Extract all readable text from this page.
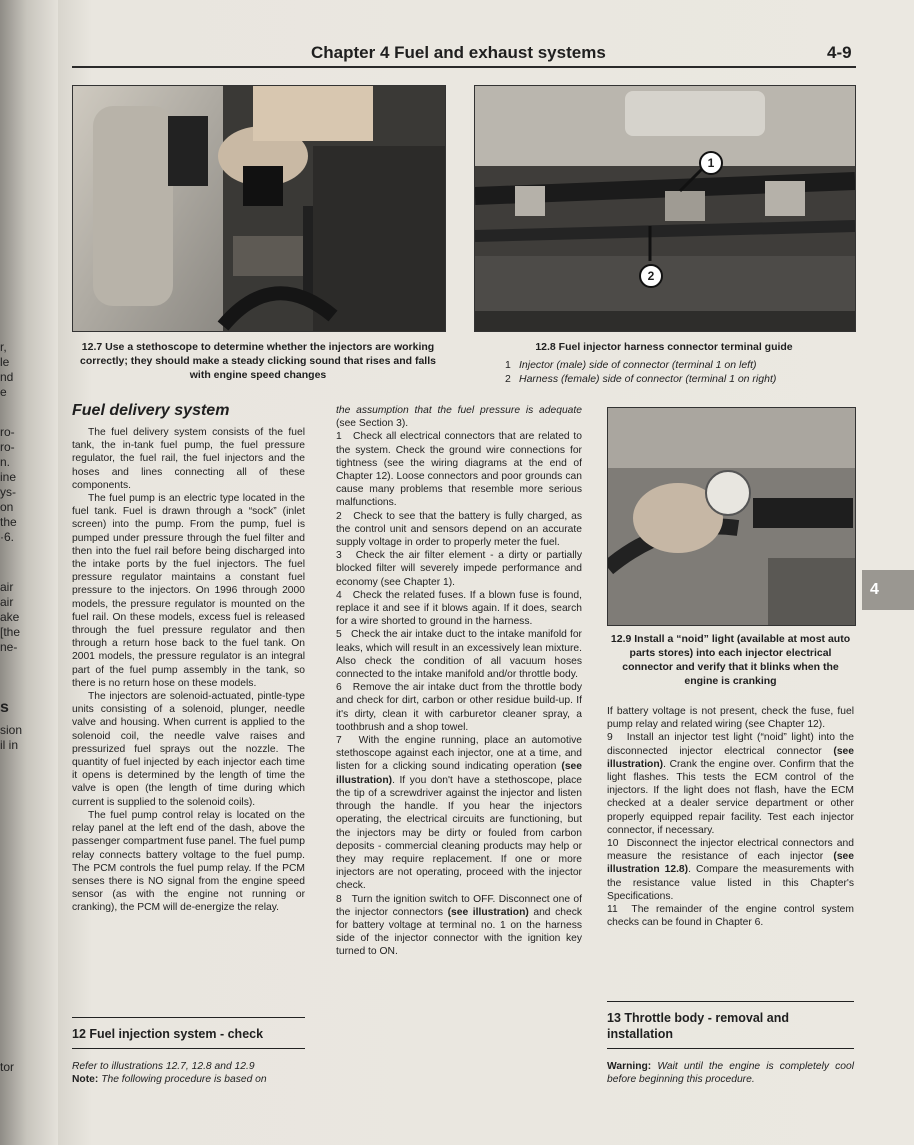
r,
le
nd
e
ro-
ro-
n.
ine
ys-
on
the
·6.
air
air
ake
[the
ne-
s
sion
il in
tor
Chapter 4 Fuel and exhaust systems	4-9
4
12.7 Use a stethoscope to determine whether the injectors are working correctly; they should make a steady clicking sound that rises and falls with engine speed changes
1
2
12.8 Fuel injector harness connector terminal guide
1 Injector (male) side of connector (terminal 1 on left)
2 Harness (female) side of connector (terminal 1 on right)
12.9 Install a “noid” light (available at most auto parts stores) into each injector electrical connector and verify that it blinks when the engine is cranking
Fuel delivery system

The fuel delivery system consists of the fuel tank, the in-tank fuel pump, the fuel pressure regulator, the fuel rail, the fuel injectors and the hoses and lines connecting all of these components.

The fuel pump is an electric type located in the fuel tank. Fuel is drawn through a “sock” (inlet screen) into the pump. From the pump, fuel is pumped under pressure through the fuel filter and then into the fuel rail before being discharged into the intake ports by the fuel injectors. The fuel pressure regulator maintains a constant fuel pressure to the injectors. On 1996 through 2000 models, the pressure regulator is mounted on the fuel rail. On these models, excess fuel is released through the fuel pressure regulator and then through a return hose back to the fuel tank. On 2001 models, the pressure regulator is an integral part of the fuel pump assembly in the tank, so there is no return hose on these models.

The injectors are solenoid-actuated, pintle-type units consisting of a solenoid, plunger, needle valve and housing. When current is applied to the solenoid coil, the needle valve raises and pressurized fuel sprays out the nozzle. The quantity of fuel injected by each injector each time it opens is determined by the length of time the valve is open (the length of time during which current is supplied to the solenoid coils).

The fuel pump control relay is located on the relay panel at the left end of the dash, above the passenger compartment fuse panel. The fuel pump relay connects battery voltage to the fuel pump. The PCM controls the fuel pump relay. If the PCM senses there is NO signal from the engine speed sensor (as with the engine not running or cranking), the PCM will de-energize the relay.

12 Fuel injection system - check

Refer to illustrations 12.7, 12.8 and 12.9

Note: The following procedure is based on

the assumption that the fuel pressure is adequate (see Section 3).

1 Check all electrical connectors that are related to the system. Check the ground wire connections for tightness (see the wiring diagrams at the end of Chapter 12). Loose connectors and poor grounds can cause many problems that resemble more serious malfunctions.

2 Check to see that the battery is fully charged, as the control unit and sensors depend on an accurate supply voltage in order to properly meter the fuel.

3 Check the air filter element - a dirty or partially blocked filter will severely impede performance and economy (see Chapter 1).

4 Check the related fuses. If a blown fuse is found, replace it and see if it blows again. If it does, search for a wire shorted to ground in the harness.

5 Check the air intake duct to the intake manifold for leaks, which will result in an excessively lean mixture. Also check the condition of all vacuum hoses connected to the intake manifold and/or throttle body.

6 Remove the air intake duct from the throttle body and check for dirt, carbon or other residue build-up. If it's dirty, clean it with carburetor cleaner spray, a toothbrush and a shop towel.

7   With the engine running, place an automotive stethoscope against each injector, one at a time, and listen for a clicking sound indicating operation (see illustration). If you don't have a stethoscope, place the tip of a screwdriver against the injector and listen through the handle. If you hear the injectors operating, the electrical circuits are functioning, but the injectors may be dirty or fouled from carbon deposits - commercial cleaning products may help or they may require replacement. If one or more injectors are not operating, proceed with the injector check.

8   Turn the ignition switch to OFF. Disconnect one of the injector connectors (see illustration) and check for battery voltage at terminal no. 1 on the harness side of the injector connector with the ignition key turned to ON.

If battery voltage is not present, check the fuse, fuel pump relay and related wiring (see Chapter 12).

9   Install an injector test light (“noid” light) into the disconnected injector electrical connector (see illustration). Crank the engine over. Confirm that the light flashes. This tests the ECM control of the injectors. If the light does not flash, have the ECM checked at a dealer service department or other properly equipped repair facility. Test each injector connector, if necessary.

10  Disconnect the injector electrical connectors and measure the resistance of each injector (see illustration 12.8). Compare the measurements with the resistance value listed in this Chapter's Specifications.

11  The remainder of the engine control system checks can be found in Chapter 6.

13 Throttle body - removal and installation

Warning: Wait until the engine is completely cool before beginning this procedure.
